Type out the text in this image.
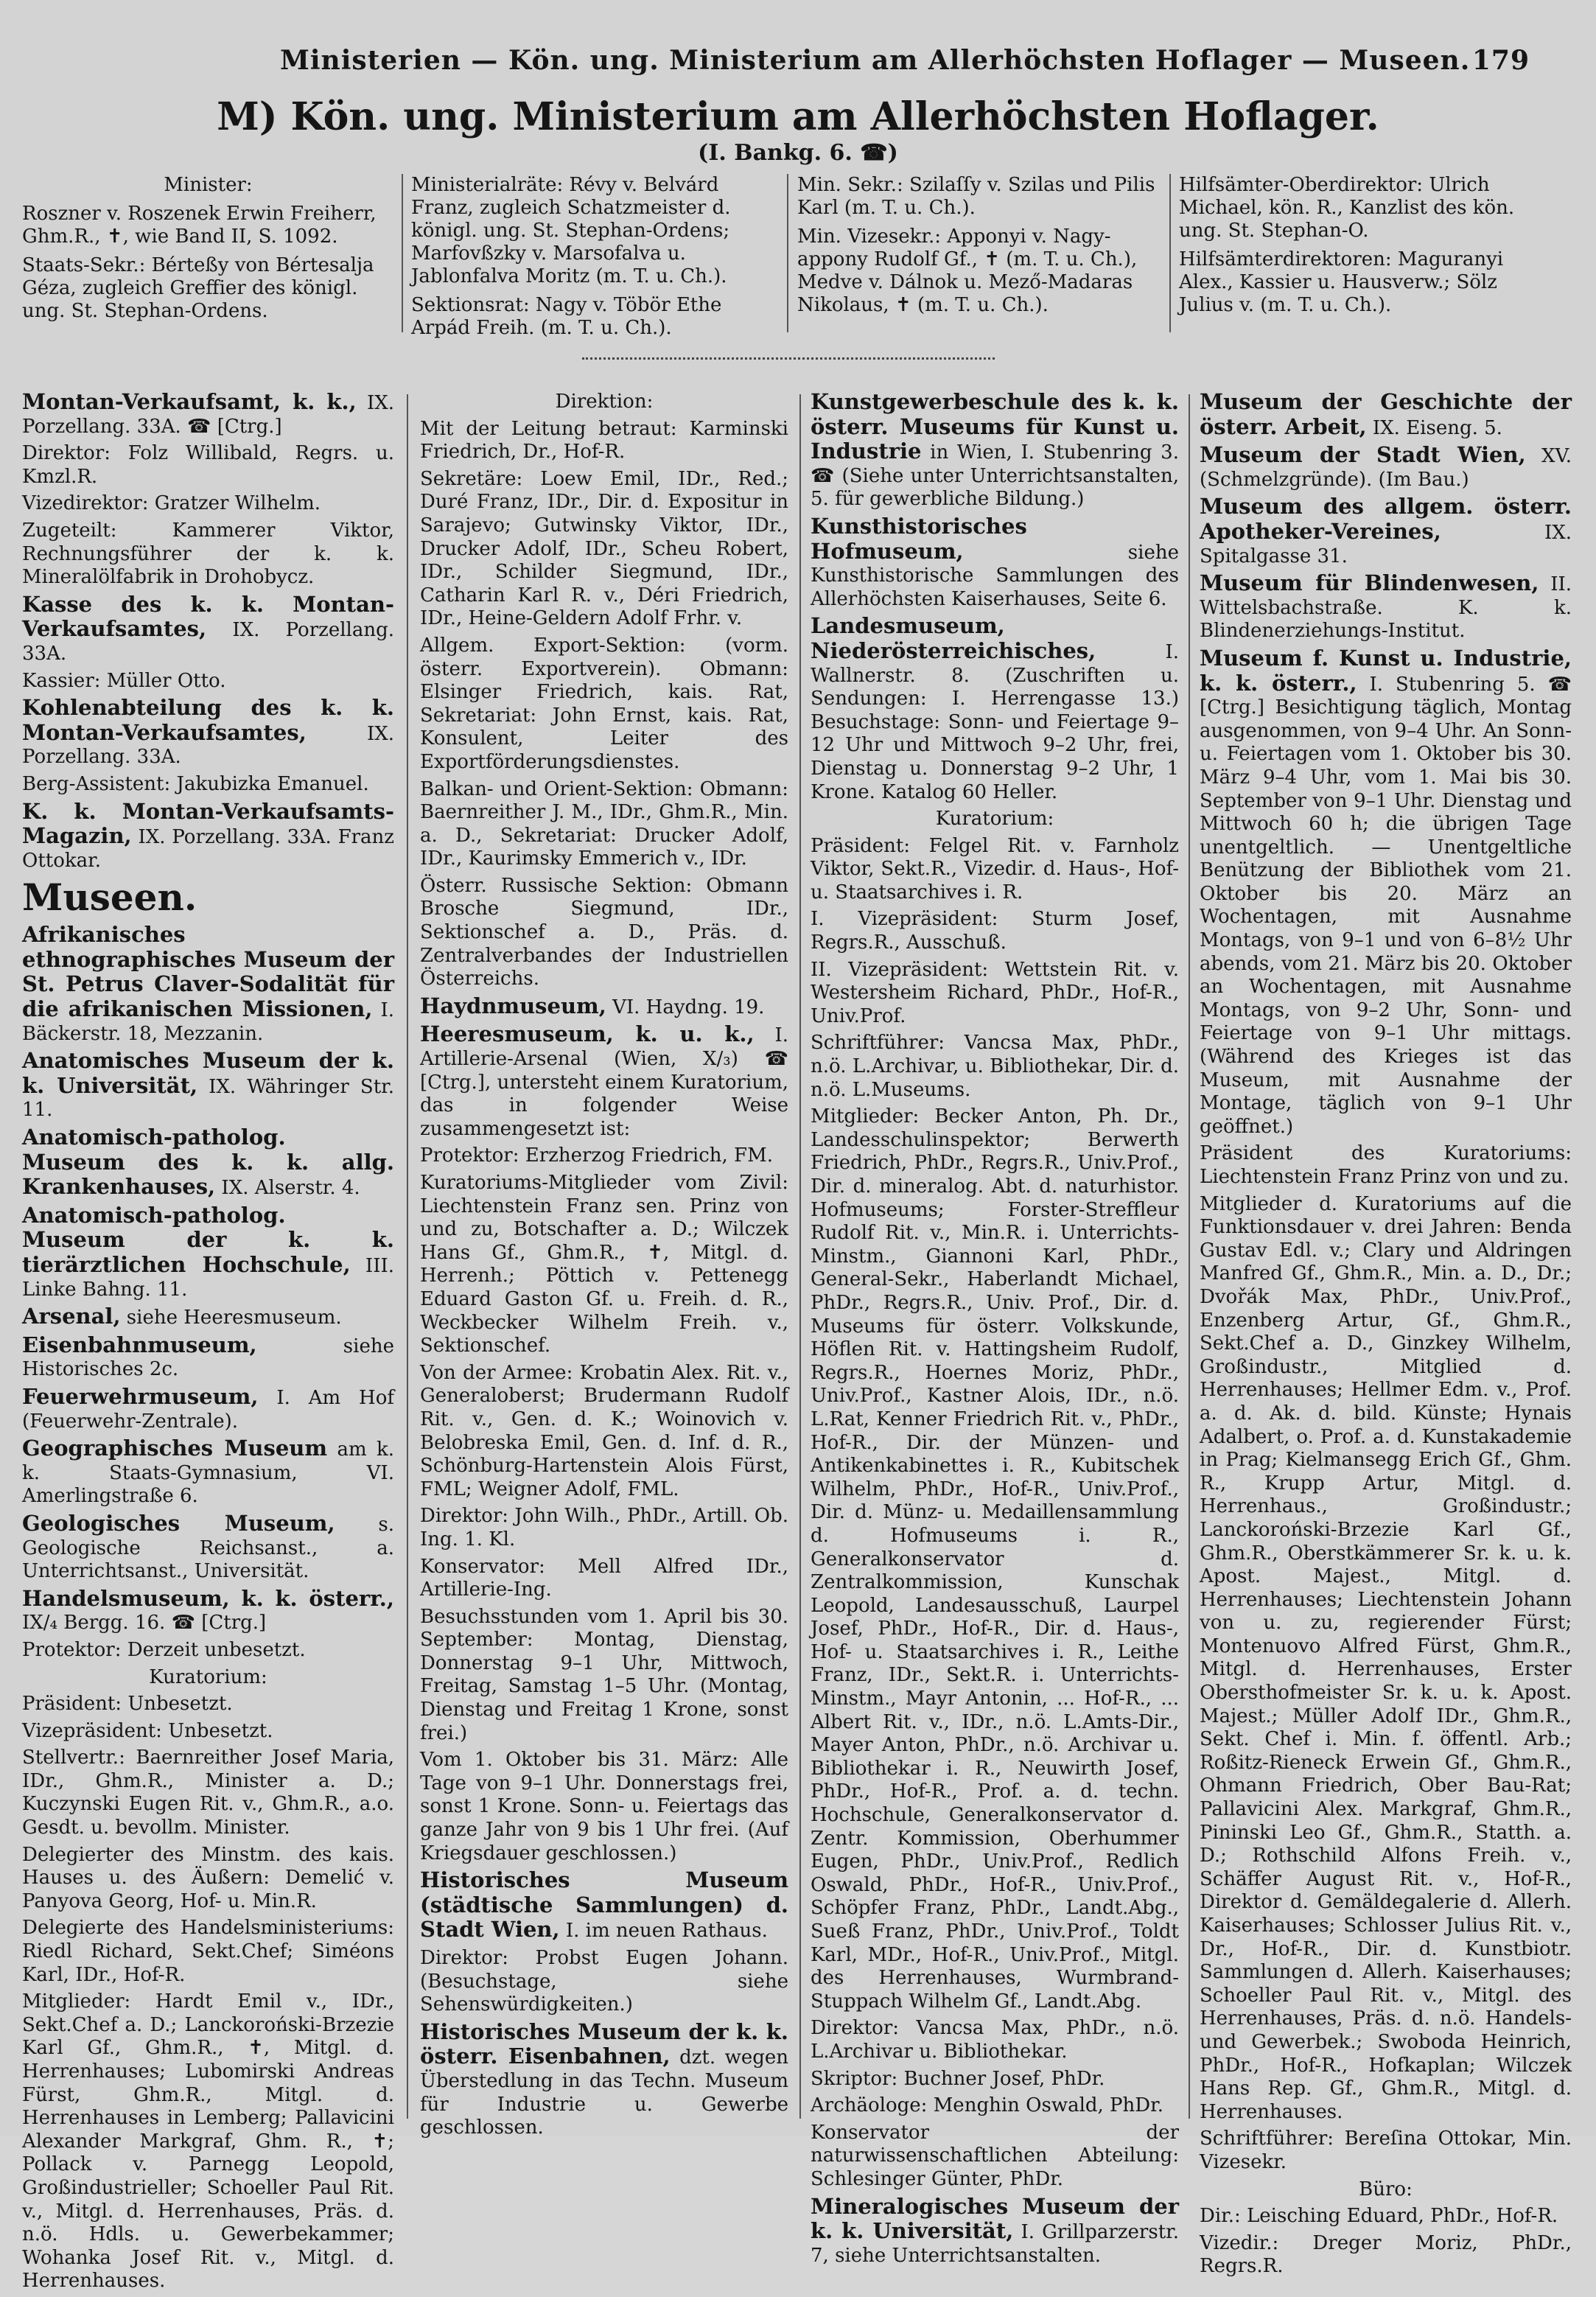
Ministerien — Kön. ung. Ministerium am Allerhöchsten Hoflager — Museen. 179
M) Kön. ung. Ministerium am Allerhöchsten Hoflager.
(I. Bankg. 6. ☎)

Minister:

Roszner v. Roszenek Erwin Freiherr, Ghm.R., ✝, wie Band II, S. 1092.

Staats-Sekr.: Bérteßy von Bértesalja Géza, zugleich Greffier des königl. ung. St. Stephan-Ordens.

Ministerialräte: Révy v. Belvárd Franz, zugleich Schatzmeister d. königl. ung. St. Stephan-Ordens; Marfovßzky v. Marsofalva u. Jablonfalva Moritz (m. T. u. Ch.).

Sektionsrat: Nagy v. Töbör Ethe Arpád Freih. (m. T. u. Ch.).

Min. Sekr.: Szilaſſy v. Szilas und Pilis Karl (m. T. u. Ch.).

Min. Vizesekr.: Apponyi v. Nagy-appony Rudolf Gf., ✝ (m. T. u. Ch.), Medve v. Dálnok u. Mező-Madaras Nikolaus, ✝ (m. T. u. Ch.).

Hilfsämter-Oberdirektor: Ulrich Michael, kön. R., Kanzlist des kön. ung. St. Stephan-O.

Hilfsämterdirektoren: Maguranyi Alex., Kassier u. Hausverw.; Sölz Julius v. (m. T. u. Ch.).

Montan-Verkaufsamt, k. k., IX. Porzellang. 33A. ☎ [Ctrg.]

Direktor: Folz Willibald, Regrs. u. Kmzl.R.

Vizedirektor: Gratzer Wilhelm.

Zugeteilt: Kammerer Viktor, Rechnungsführer der k. k. Mineralölfabrik in Drohobycz.

Kasse des k. k. Montan-Verkaufsamtes, IX. Porzellang. 33A.

Kassier: Müller Otto.

Kohlenabteilung des k. k. Montan-Verkaufsamtes, IX. Porzellang. 33A.

Berg-Assistent: Jakubizka Emanuel.

K. k. Montan-Verkaufsamts-Magazin, IX. Porzellang. 33A. Franz Ottokar.

Museen.

Afrikanisches ethnographisches Museum der St. Petrus Claver-Sodalität für die afrikanischen Missionen, I. Bäckerstr. 18, Mezzanin.

Anatomisches Museum der k. k. Universität, IX. Währinger Str. 11.

Anatomisch-patholog. Museum des k. k. allg. Krankenhauses, IX. Alserstr. 4.

Anatomisch-patholog. Museum der k. k. tierärztlichen Hochschule, III. Linke Bahng. 11.

Arsenal, siehe Heeresmuseum.

Eisenbahnmuseum, siehe Historisches 2c.

Feuerwehrmuseum, I. Am Hof (Feuerwehr-Zentrale).

Geographisches Museum am k. k. Staats-Gymnasium, VI. Amerlingstraße 6.

Geologisches Museum, s. Geologische Reichsanst., a. Unterrichtsanst., Universität.

Handelsmuseum, k. k. österr., IX/₄ Bergg. 16. ☎ [Ctrg.]

Protektor: Derzeit unbesetzt.

Kuratorium:

Präsident: Unbesetzt.

Vizepräsident: Unbesetzt.

Stellvertr.: Baernreither Josef Maria, IDr., Ghm.R., Minister a. D.; Kuczynski Eugen Rit. v., Ghm.R., a.o. Gesdt. u. bevollm. Minister.

Delegierter des Minstm. des kais. Hauses u. des Äußern: Demelić v. Panyova Georg, Hof- u. Min.R.

Delegierte des Handelsministeriums: Riedl Richard, Sekt.Chef; Siméons Karl, IDr., Hof-R.

Mitglieder: Hardt Emil v., IDr., Sekt.Chef a. D.; Lanckoroński-Brzezie Karl Gf., Ghm.R., ✝, Mitgl. d. Herrenhauses; Lubomirski Andreas Fürst, Ghm.R., Mitgl. d. Herrenhauses in Lemberg; Pallavicini Alexander Markgraf, Ghm. R., ✝; Pollack v. Parnegg Leopold, Großindustrieller; Schoeller Paul Rit. v., Mitgl. d. Herrenhauses, Präs. d. n.ö. Hdls. u. Gewerbekammer; Wohanka Josef Rit. v., Mitgl. d. Herrenhauses.

Direktion:

Mit der Leitung betraut: Karminski Friedrich, Dr., Hof-R.

Sekretäre: Loew Emil, IDr., Red.; Duré Franz, IDr., Dir. d. Expositur in Sarajevo; Gutwinsky Viktor, IDr., Drucker Adolf, IDr., Scheu Robert, IDr., Schilder Siegmund, IDr., Catharin Karl R. v., Déri Friedrich, IDr., Heine-Geldern Adolf Frhr. v.

Allgem. Export-Sektion: (vorm. österr. Exportverein). Obmann: Elsinger Friedrich, kais. Rat, Sekretariat: John Ernst, kais. Rat, Konsulent, Leiter des Exportförderungsdienstes.

Balkan- und Orient-Sektion: Obmann: Baernreither J. M., IDr., Ghm.R., Min. a. D., Sekretariat: Drucker Adolf, IDr., Kaurimsky Emmerich v., IDr.

Österr. Russische Sektion: Obmann Brosche Siegmund, IDr., Sektionschef a. D., Präs. d. Zentralverbandes der Industriellen Österreichs.

Haydnmuseum, VI. Haydng. 19.

Heeresmuseum, k. u. k., I. Artillerie-Arsenal (Wien, X/₃) ☎ [Ctrg.], untersteht einem Kuratorium, das in folgender Weise zusammengesetzt ist:

Protektor: Erzherzog Friedrich, FM.

Kuratoriums-Mitglieder vom Zivil: Liechtenstein Franz sen. Prinz von und zu, Botschafter a. D.; Wilczek Hans Gf., Ghm.R., ✝, Mitgl. d. Herrenh.; Pöttich v. Pettenegg Eduard Gaston Gf. u. Freih. d. R., Weckbecker Wilhelm Freih. v., Sektionschef.

Von der Armee: Krobatin Alex. Rit. v., Generaloberst; Brudermann Rudolf Rit. v., Gen. d. K.; Woinovich v. Belobreska Emil, Gen. d. Inf. d. R., Schönburg-Hartenstein Alois Fürst, FML; Weigner Adolf, FML.

Direktor: John Wilh., PhDr., Artill. Ob. Ing. 1. Kl.

Konservator: Mell Alfred IDr., Artillerie-Ing.

Besuchsstunden vom 1. April bis 30. September: Montag, Dienstag, Donnerstag 9–1 Uhr, Mittwoch, Freitag, Samstag 1–5 Uhr. (Montag, Dienstag und Freitag 1 Krone, sonst frei.)

Vom 1. Oktober bis 31. März: Alle Tage von 9–1 Uhr. Donnerstags frei, sonst 1 Krone. Sonn- u. Feiertags das ganze Jahr von 9 bis 1 Uhr frei. (Auf Kriegsdauer geschlossen.)

Historisches Museum (städtische Sammlungen) d. Stadt Wien, I. im neuen Rathaus.

Direktor: Probst Eugen Johann. (Besuchstage, siehe Sehenswürdigkeiten.)

Historisches Museum der k. k. österr. Eisenbahnen, dzt. wegen Überstedlung in das Techn. Museum für Industrie u. Gewerbe geschlossen.

Kunstgewerbeschule des k. k. österr. Museums für Kunst u. Industrie in Wien, I. Stubenring 3. ☎ (Siehe unter Unterrichtsanstalten, 5. für gewerbliche Bildung.)

Kunsthistorisches Hofmuseum, siehe Kunsthistorische Sammlungen des Allerhöchsten Kaiserhauses, Seite 6.

Landesmuseum, Niederösterreichisches, I. Wallnerstr. 8. (Zuschriften u. Sendungen: I. Herrengasse 13.) Besuchstage: Sonn- und Feiertage 9–12 Uhr und Mittwoch 9–2 Uhr, frei, Dienstag u. Donnerstag 9–2 Uhr, 1 Krone. Katalog 60 Heller.

Kuratorium:

Präsident: Felgel Rit. v. Farnholz Viktor, Sekt.R., Vizedir. d. Haus-, Hof- u. Staatsarchives i. R.

I. Vizepräsident: Sturm Josef, Regrs.R., Ausschuß.

II. Vizepräsident: Wettstein Rit. v. Westersheim Richard, PhDr., Hof-R., Univ.Prof.

Schriftführer: Vancsa Max, PhDr., n.ö. L.Archivar, u. Bibliothekar, Dir. d. n.ö. L.Museums.

Mitglieder: Becker Anton, Ph. Dr., Landesschulinspektor; Berwerth Friedrich, PhDr., Regrs.R., Univ.Prof., Dir. d. mineralog. Abt. d. naturhistor. Hofmuseums; Forster-Streffleur Rudolf Rit. v., Min.R. i. Unterrichts-Minstm., Giannoni Karl, PhDr., General-Sekr., Haberlandt Michael, PhDr., Regrs.R., Univ. Prof., Dir. d. Museums für österr. Volkskunde, Höflen Rit. v. Hattingsheim Rudolf, Regrs.R., Hoernes Moriz, PhDr., Univ.Prof., Kastner Alois, IDr., n.ö. L.Rat, Kenner Friedrich Rit. v., PhDr., Hof-R., Dir. der Münzen- und Antikenkabinettes i. R., Kubitschek Wilhelm, PhDr., Hof-R., Univ.Prof., Dir. d. Münz- u. Medaillensammlung d. Hofmuseums i. R., Generalkonservator d. Zentralkommission, Kunschak Leopold, Landesausschuß, Laurpel Josef, PhDr., Hof-R., Dir. d. Haus-, Hof- u. Staatsarchives i. R., Leithe Franz, IDr., Sekt.R. i. Unterrichts-Minstm., Mayr Antonin, ... Hof-R., ... Albert Rit. v., IDr., n.ö. L.Amts-Dir., Mayer Anton, PhDr., n.ö. Archivar u. Bibliothekar i. R., Neuwirth Josef, PhDr., Hof-R., Prof. a. d. techn. Hochschule, Generalkonservator d. Zentr. Kommission, Oberhummer Eugen, PhDr., Univ.Prof., Redlich Oswald, PhDr., Hof-R., Univ.Prof., Schöpfer Franz, PhDr., Landt.Abg., Sueß Franz, PhDr., Univ.Prof., Toldt Karl, MDr., Hof-R., Univ.Prof., Mitgl. des Herrenhauses, Wurmbrand-Stuppach Wilhelm Gf., Landt.Abg.

Direktor: Vancsa Max, PhDr., n.ö. L.Archivar u. Bibliothekar.

Skriptor: Buchner Josef, PhDr.

Archäologe: Menghin Oswald, PhDr.

Konservator der naturwissenschaftlichen Abteilung: Schlesinger Günter, PhDr.

Mineralogisches Museum der k. k. Universität, I. Grillparzerstr. 7, siehe Unterrichtsanstalten.

Museum der Geschichte der österr. Arbeit, IX. Eiseng. 5.

Museum der Stadt Wien, XV. (Schmelzgründe). (Im Bau.)

Museum des allgem. österr. Apotheker-Vereines, IX. Spitalgasse 31.

Museum für Blindenwesen, II. Wittelsbachstraße. K. k. Blindenerziehungs-Institut.

Museum f. Kunst u. Industrie, k. k. österr., I. Stubenring 5. ☎ [Ctrg.] Besichtigung täglich, Montag ausgenommen, von 9–4 Uhr. An Sonn- u. Feiertagen vom 1. Oktober bis 30. März 9–4 Uhr, vom 1. Mai bis 30. September von 9–1 Uhr. Dienstag und Mittwoch 60 h; die übrigen Tage unentgeltlich. — Unentgeltliche Benützung der Bibliothek vom 21. Oktober bis 20. März an Wochentagen, mit Ausnahme Montags, von 9–1 und von 6–8½ Uhr abends, vom 21. März bis 20. Oktober an Wochentagen, mit Ausnahme Montags, von 9–2 Uhr, Sonn- und Feiertage von 9–1 Uhr mittags. (Während des Krieges ist das Museum, mit Ausnahme der Montage, täglich von 9–1 Uhr geöffnet.)

Präsident des Kuratoriums: Liechtenstein Franz Prinz von und zu.

Mitglieder d. Kuratoriums auf die Funktionsdauer v. drei Jahren: Benda Gustav Edl. v.; Clary und Aldringen Manfred Gf., Ghm.R., Min. a. D., Dr.; Dvořák Max, PhDr., Univ.Prof., Enzenberg Artur, Gf., Ghm.R., Sekt.Chef a. D., Ginzkey Wilhelm, Großindustr., Mitglied d. Herrenhauses; Hellmer Edm. v., Prof. a. d. Ak. d. bild. Künste; Hynais Adalbert, o. Prof. a. d. Kunstakademie in Prag; Kielmansegg Erich Gf., Ghm. R., Krupp Artur, Mitgl. d. Herrenhaus., Großindustr.; Lanckoroński-Brzezie Karl Gf., Ghm.R., Oberstkämmerer Sr. k. u. k. Apost. Majest., Mitgl. d. Herrenhauses; Liechtenstein Johann von u. zu, regierender Fürst; Montenuovo Alfred Fürst, Ghm.R., Mitgl. d. Herrenhauses, Erster Obersthofmeister Sr. k. u. k. Apost. Majest.; Müller Adolf IDr., Ghm.R., Sekt. Chef i. Min. f. öffentl. Arb.; Roßitz-Rieneck Erwein Gf., Ghm.R., Ohmann Friedrich, Ober Bau-Rat; Pallavicini Alex. Markgraf, Ghm.R., Pininski Leo Gf., Ghm.R., Statth. a. D.; Rothschild Alfons Freih. v., Schäffer August Rit. v., Hof-R., Direktor d. Gemäldegalerie d. Allerh. Kaiserhauses; Schlosser Julius Rit. v., Dr., Hof-R., Dir. d. Kunstbiotr. Sammlungen d. Allerh. Kaiserhauses; Schoeller Paul Rit. v., Mitgl. des Herrenhauses, Präs. d. n.ö. Handels- und Gewerbek.; Swoboda Heinrich, PhDr., Hof-R., Hofkaplan; Wilczek Hans Rep. Gf., Ghm.R., Mitgl. d. Herrenhauses.

Schriftführer: Bereſina Ottokar, Min. Vizesekr.

Büro:

Dir.: Leisching Eduard, PhDr., Hof-R.

Vizedir.: Dreger Moriz, PhDr., Regrs.R.
